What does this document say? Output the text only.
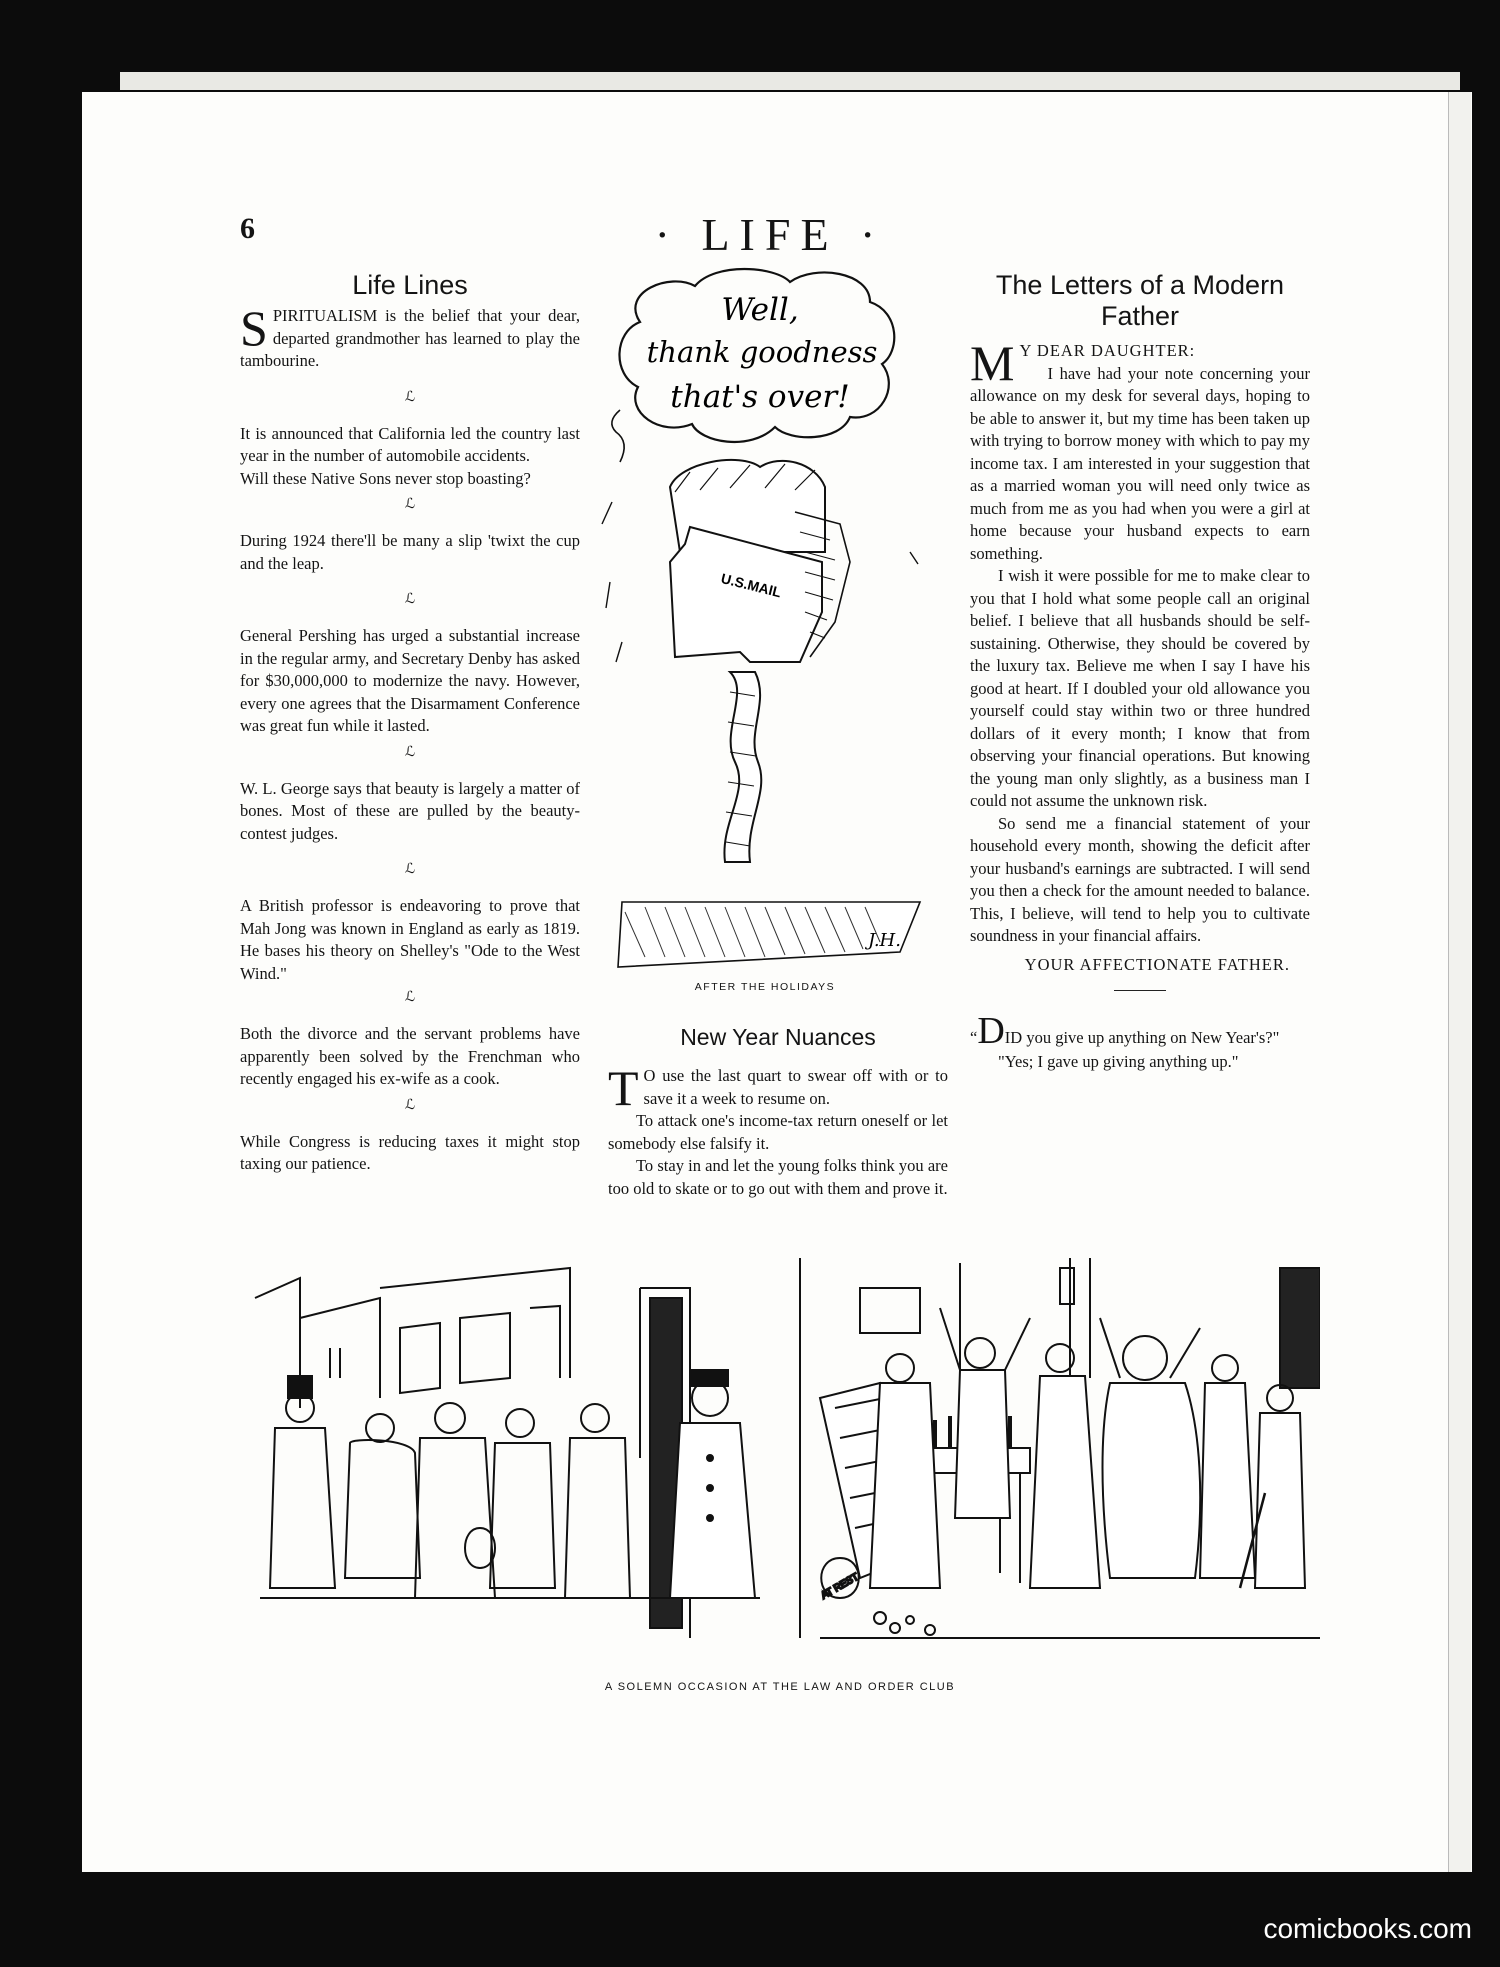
6	· LIFE ·
Life Lines

SPIRITUALISM is the belief that your dear, departed grandmother has learned to play the tambourine.

ℒ

It is announced that California led the country last year in the number of automobile accidents.

Will these Native Sons never stop boasting?

ℒ

During 1924 there'll be many a slip 'twixt the cup and the leap.

ℒ

General Pershing has urged a substantial increase in the regular army, and Secretary Denby has asked for $30,000,000 to modernize the navy. However, every one agrees that the Disarmament Conference was great fun while it lasted.

ℒ

W. L. George says that beauty is largely a matter of bones. Most of these are pulled by the beauty-contest judges.

ℒ

A British professor is endeavoring to prove that Mah Jong was known in England as early as 1819. He bases his theory on Shelley's "Ode to the West Wind."

ℒ

Both the divorce and the servant problems have apparently been solved by the Frenchman who recently engaged his ex-wife as a cook.

ℒ

While Congress is reducing taxes it might stop taxing our patience.

Well,
thank goodness
that's over!
U.S.MAIL
J.H.
AFTER THE HOLIDAYS
New Year Nuances

T O use the last quart to swear off with or to save it a week to resume on.

To attack one's income-tax return oneself or let somebody else falsify it.

To stay in and let the young folks think you are too old to skate or to go out with them and prove it.

The Letters of a Modern Father

M Y DEAR DAUGHTER:

I have had your note concerning your allowance on my desk for several days, hoping to be able to answer it, but my time has been taken up with trying to borrow money with which to pay my income tax. I am interested in your suggestion that as a married woman you will need only twice as much from me as you had when you were a girl at home because your husband expects to earn something.

I wish it were possible for me to make clear to you that I hold what some people call an original belief. I believe that all husbands should be self-sustaining. Otherwise, they should be covered by the luxury tax. Believe me when I say I have his good at heart. If I doubled your old allowance you yourself could stay within two or three hundred dollars of it every month; I know that from observing your financial operations. But knowing the young man only slightly, as a business man I could not assume the unknown risk.

So send me a financial statement of your household every month, showing the deficit after your husband's earnings are subtracted. I will send you then a check for the amount needed to balance. This, I believe, will tend to help you to cultivate soundness in your financial affairs.

YOUR AFFECTIONATE FATHER.

“DID you give up anything on New Year's?"

"Yes; I gave up giving anything up."

AT REST
A SOLEMN OCCASION AT THE LAW AND ORDER CLUB
comicbooks.com
